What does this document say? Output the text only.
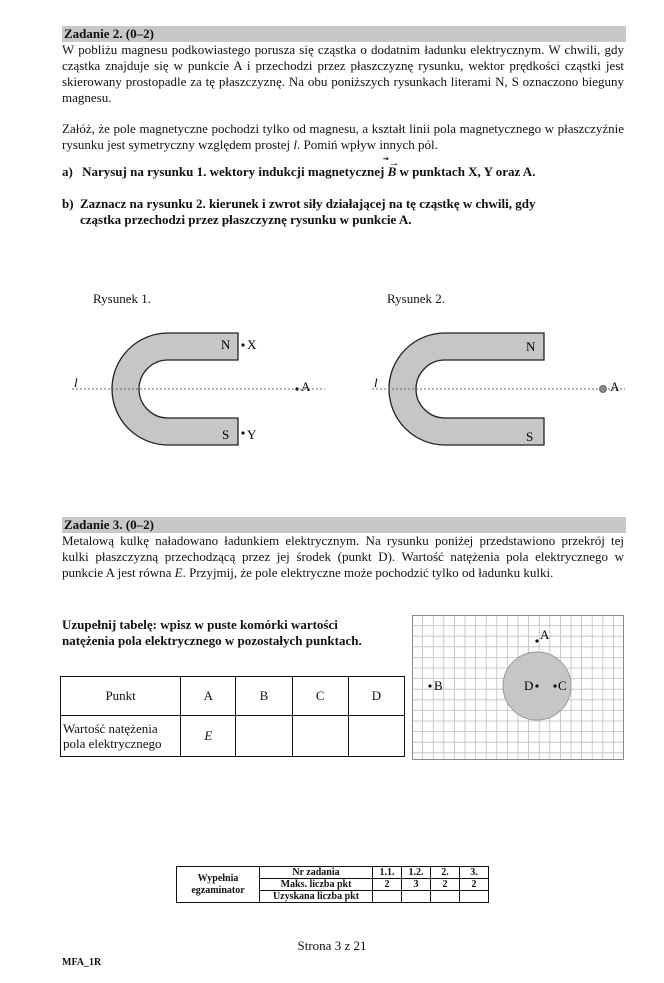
Zadanie 2. (0–2)
W pobliżu magnesu podkowiastego porusza się cząstka o dodatnim ładunku elektrycznym. W chwili, gdy cząstka znajduje się w punkcie A i przechodzi przez płaszczyznę rysunku, wektor prędkości cząstki jest skierowany prostopadle za tę płaszczyznę. Na obu poniższych rysunkach literami N, S oznaczono bieguny magnesu.
Załóż, że pole magnetyczne pochodzi tylko od magnesu, a kształt linii pola magnetycznego w płaszczyźnie rysunku jest symetryczny względem prostej l. Pomiń wpływ innych pól.
a) Narysuj na rysunku 1. wektory indukcji magnetycznej
⃗→
B w punktach X, Y oraz A.
b) Zaznacz na rysunku 2. kierunek i zwrot siły działającej na tę cząstkę w chwili, gdy
cząstka przechodzi przez płaszczyznę rysunku w punkcie A.
Rysunek 1.
N
S
X
Y
A
l
Rysunek 2.
N
S
A
l
Zadanie 3. (0–2)
Metalową kulkę naładowano ładunkiem elektrycznym. Na rysunku poniżej przedstawiono przekrój tej kulki płaszczyzną przechodzącą przez jej środek (punkt D). Wartość natężenia pola elektrycznego w punkcie A jest równa E. Przyjmij, że pole elektryczne może pochodzić tylko od ładunku kulki.
Uzupełnij tabelę: wpisz w puste komórki wartości
natężenia pola elektrycznego w pozostałych punktach.
Punkt	A	B	C	D

Wartość natężenia
pola elektrycznego	E			
A
B	D C
Wypełnia
egzaminator	Nr zadania	1.1.	1.2.	2.	3.
	Maks. liczba pkt	2	3	2	2
	Uzyskana liczba pkt				
Strona 3 z 21
MFA_1R
